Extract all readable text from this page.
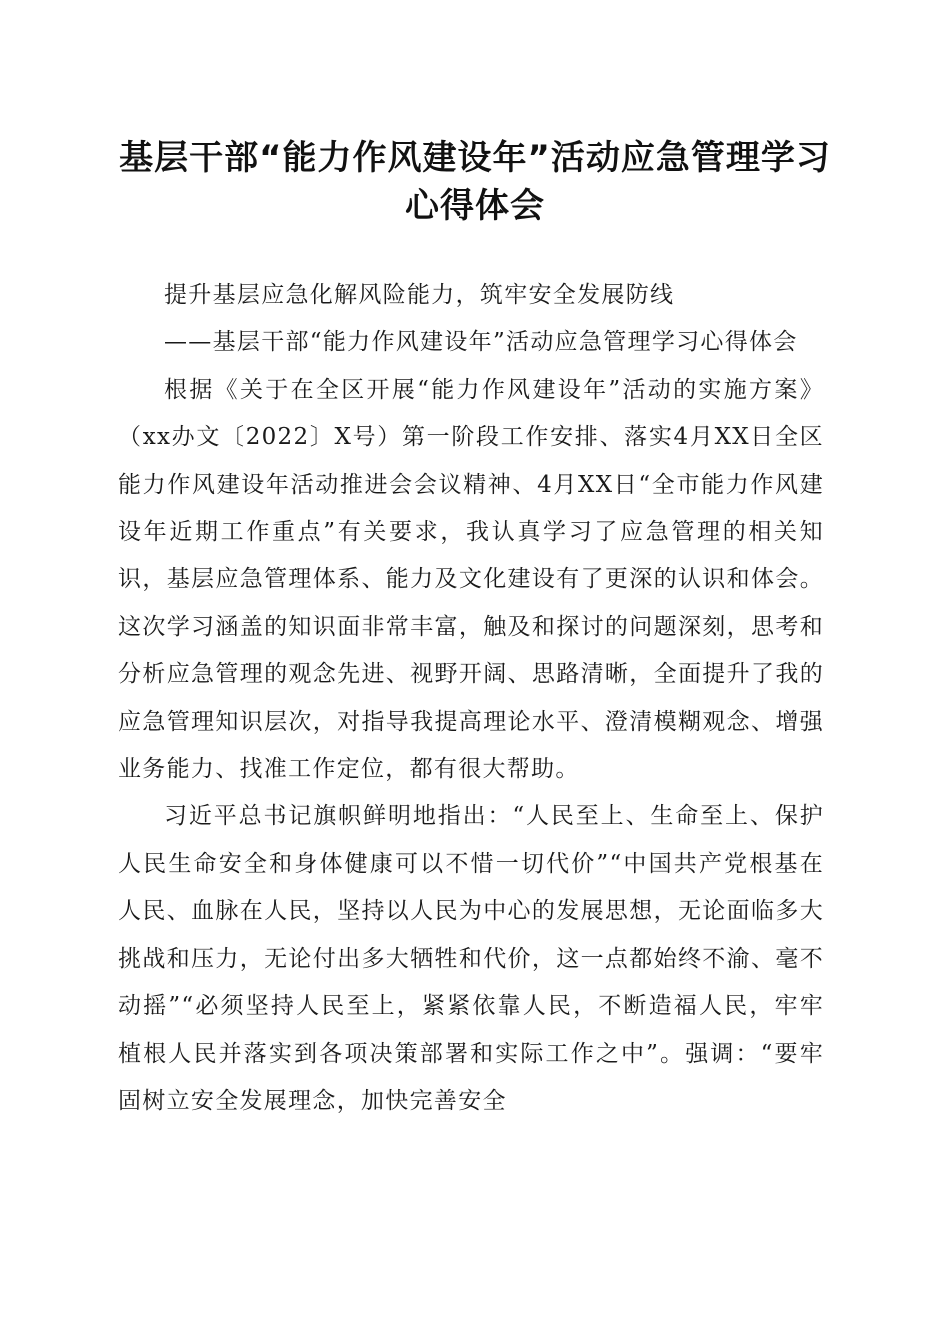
基层干部“能力作风建设年”活动应急管理学习心得体会

提升基层应急化解风险能力，筑牢安全发展防线

——基层干部“能力作风建设年”活动应急管理学习心得体会

根据《关于在全区开展“能力作风建设年”活动的实施方案》（xx办文〔2022〕X号）第一阶段工作安排、落实4月XX日全区能力作风建设年活动推进会会议精神、4月XX日“全市能力作风建设年近期工作重点”有关要求，我认真学习了应急管理的相关知识，基层应急管理体系、能力及文化建设有了更深的认识和体会。这次学习涵盖的知识面非常丰富，触及和探讨的问题深刻，思考和分析应急管理的观念先进、视野开阔、思路清晰，全面提升了我的应急管理知识层次，对指导我提高理论水平、澄清模糊观念、增强业务能力、找准工作定位，都有很大帮助。

习近平总书记旗帜鲜明地指出：“人民至上、生命至上、保护人民生命安全和身体健康可以不惜一切代价”“中国共产党根基在人民、血脉在人民，坚持以人民为中心的发展思想，无论面临多大挑战和压力，无论付出多大牺牲和代价，这一点都始终不渝、毫不动摇”“必须坚持人民至上，紧紧依靠人民，不断造福人民，牢牢植根人民并落实到各项决策部署和实际工作之中”。强调：“要牢固树立安全发展理念，加快完善安全
